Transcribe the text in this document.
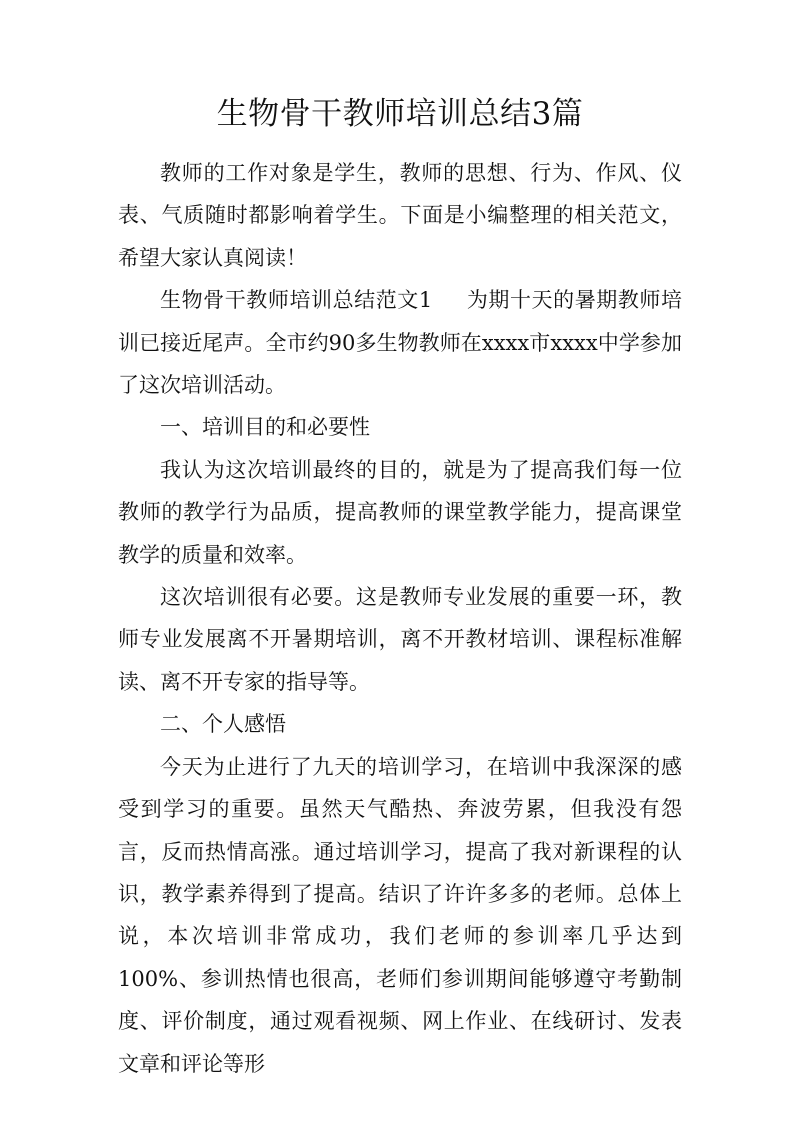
生物骨干教师培训总结3篇

教师的工作对象是学生，教师的思想、行为、作风、仪表、气质随时都影响着学生。下面是小编整理的相关范文，希望大家认真阅读！

生物骨干教师培训总结范文1 为期十天的暑期教师培训已接近尾声。全市约90多生物教师在xxxx市xxxx中学参加了这次培训活动。

一、培训目的和必要性

我认为这次培训最终的目的，就是为了提高我们每一位教师的教学行为品质，提高教师的课堂教学能力，提高课堂教学的质量和效率。

这次培训很有必要。这是教师专业发展的重要一环，教师专业发展离不开暑期培训，离不开教材培训、课程标准解读、离不开专家的指导等。

二、个人感悟

今天为止进行了九天的培训学习，在培训中我深深的感受到学习的重要。虽然天气酷热、奔波劳累，但我没有怨言，反而热情高涨。通过培训学习，提高了我对新课程的认识，教学素养得到了提高。结识了许许多多的老师。总体上说，本次培训非常成功，我们老师的参训率几乎达到100%、参训热情也很高，老师们参训期间能够遵守考勤制度、评价制度，通过观看视频、网上作业、在线研讨、发表文章和评论等形
